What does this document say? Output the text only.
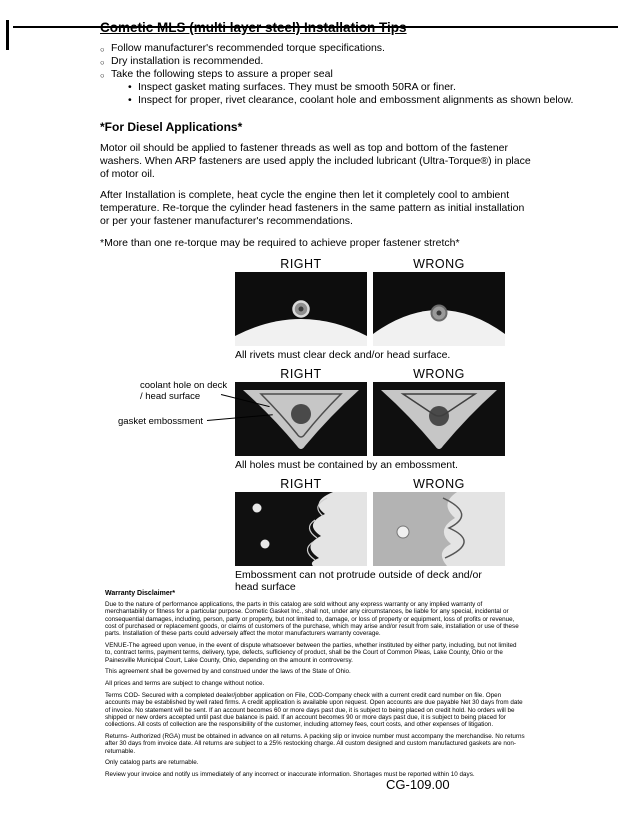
○ Follow manufacturer's recommended torque specifications.
○ Dry installation is recommended.
○ Take the following steps to assure a proper seal
• Inspect gasket mating surfaces. They must be smooth 50RA or finer.
• Inspect for proper, rivet clearance, coolant hole and embossment alignments as shown below.
*For Diesel Applications*

Motor oil should be applied to fastener threads as well as top and bottom of the fastener washers. When ARP fasteners are used apply the included lubricant (Ultra-Torque®) in place of motor oil.

After Installation is complete, heat cycle the engine then let it completely cool to ambient temperature. Re-torque the cylinder head fasteners in the same pattern as initial installation or per your fastener manufacturer's recommendations.

*More than one re-torque may be required to achieve proper fastener stretch*

RIGHT	WRONG
All rivets must clear deck and/or head surface.
coolant hole on deck / head surface
gasket embossment
RIGHT	WRONG
All holes must be contained by an embossment.
RIGHT	WRONG
Embossment can not protrude outside of deck and/or head surface
Warranty Disclaimer*

Due to the nature of performance applications, the parts in this catalog are sold without any express warranty or any implied warranty of merchantability or fitness for a particular purpose. Cometic Gasket Inc., shall not, under any circumstances, be liable for any special, incidental or consequential damages, including, person, party or property, but not limited to, damage, or loss of property or equipment, loss of profits or revenue, cost of purchased or replacement goods, or claims of customers of the purchase, which may arise and/or result from sale, installation or use of these parts. Installation of these parts could adversely affect the motor manufacturers warranty coverage.

VENUE-The agreed upon venue, in the event of dispute whatsoever between the parties, whether instituted by either party, including, but not limited to, contract terms, payment terms, delivery, type, defects, sufficiency of product, shall be the Court of Common Pleas, Lake County, Ohio or the Painesville Municipal Court, Lake County, Ohio, depending on the amount in controversy.

This agreement shall be governed by and construed under the laws of the State of Ohio.

All prices and terms are subject to change without notice.

Terms COD- Secured with a completed dealer/jobber application on File, COD-Company check with a current credit card number on file. Open accounts may be established by well rated firms. A credit application is available upon request. Open accounts are due payable Net 30 days from date of invoice. No statement will be sent. If an account becomes 60 or more days past due, it is subject to being placed on credit hold. No orders will be shipped or new orders accepted until past due balance is paid. If an account becomes 90 or more days past due, it is subject to being placed for collections. All costs of collection are the responsibility of the customer, including attorney fees, court costs, and other expenses of litigation.

Returns- Authorized (RGA) must be obtained in advance on all returns. A packing slip or invoice number must accompany the merchandise. No returns after 30 days from invoice date. All returns are subject to a 25% restocking charge. All custom designed and custom manufactured gaskets are non-returnable.

Only catalog parts are returnable.

Review your invoice and notify us immediately of any incorrect or inaccurate information. Shortages must be reported within 10 days.

CG-109.00
